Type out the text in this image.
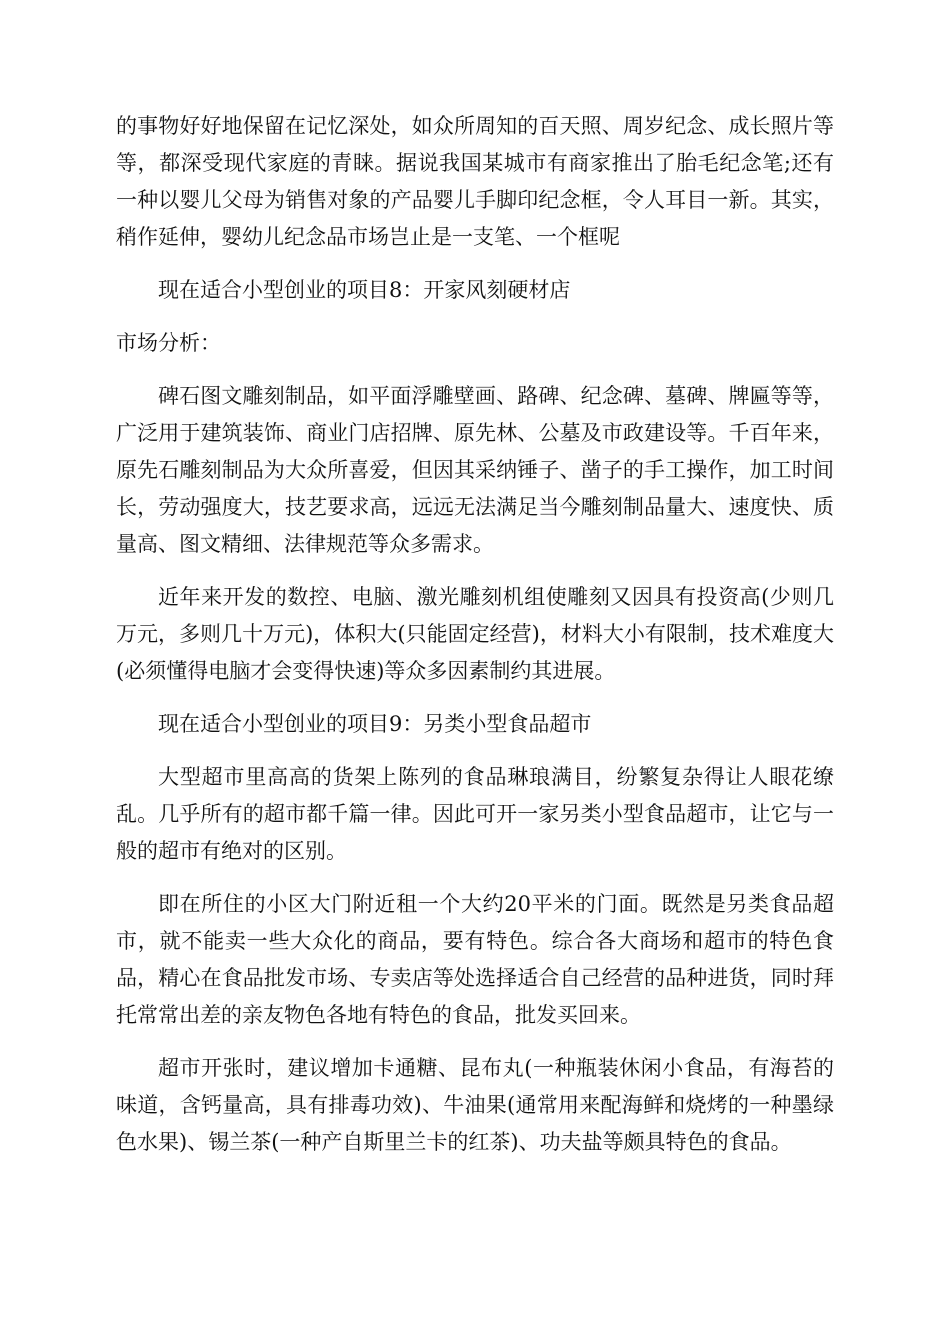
的事物好好地保留在记忆深处，如众所周知的百天照、周岁纪念、成长照片等等，都深受现代家庭的青睐。据说我国某城市有商家推出了胎毛纪念笔;还有一种以婴儿父母为销售对象的产品婴儿手脚印纪念框，令人耳目一新。其实，稍作延伸，婴幼儿纪念品市场岂止是一支笔、一个框呢

现在适合小型创业的项目8：开家风刻硬材店

市场分析：

碑石图文雕刻制品，如平面浮雕壁画、路碑、纪念碑、墓碑、牌匾等等，广泛用于建筑装饰、商业门店招牌、原先林、公墓及市政建设等。千百年来，原先石雕刻制品为大众所喜爱，但因其采纳锤子、凿子的手工操作，加工时间长，劳动强度大，技艺要求高，远远无法满足当今雕刻制品量大、速度快、质量高、图文精细、法律规范等众多需求。

近年来开发的数控、电脑、激光雕刻机组使雕刻又因具有投资高(少则几万元，多则几十万元)，体积大(只能固定经营)，材料大小有限制，技术难度大(必须懂得电脑才会变得快速)等众多因素制约其进展。

现在适合小型创业的项目9：另类小型食品超市

大型超市里高高的货架上陈列的食品琳琅满目，纷繁复杂得让人眼花缭乱。几乎所有的超市都千篇一律。因此可开一家另类小型食品超市，让它与一般的超市有绝对的区别。

即在所住的小区大门附近租一个大约20平米的门面。既然是另类食品超市，就不能卖一些大众化的商品，要有特色。综合各大商场和超市的特色食品，精心在食品批发市场、专卖店等处选择适合自己经营的品种进货，同时拜托常常出差的亲友物色各地有特色的食品，批发买回来。

超市开张时，建议增加卡通糖、昆布丸(一种瓶装休闲小食品，有海苔的味道，含钙量高，具有排毒功效)、牛油果(通常用来配海鲜和烧烤的一种墨绿色水果)、锡兰茶(一种产自斯里兰卡的红茶)、功夫盐等颇具特色的食品。
